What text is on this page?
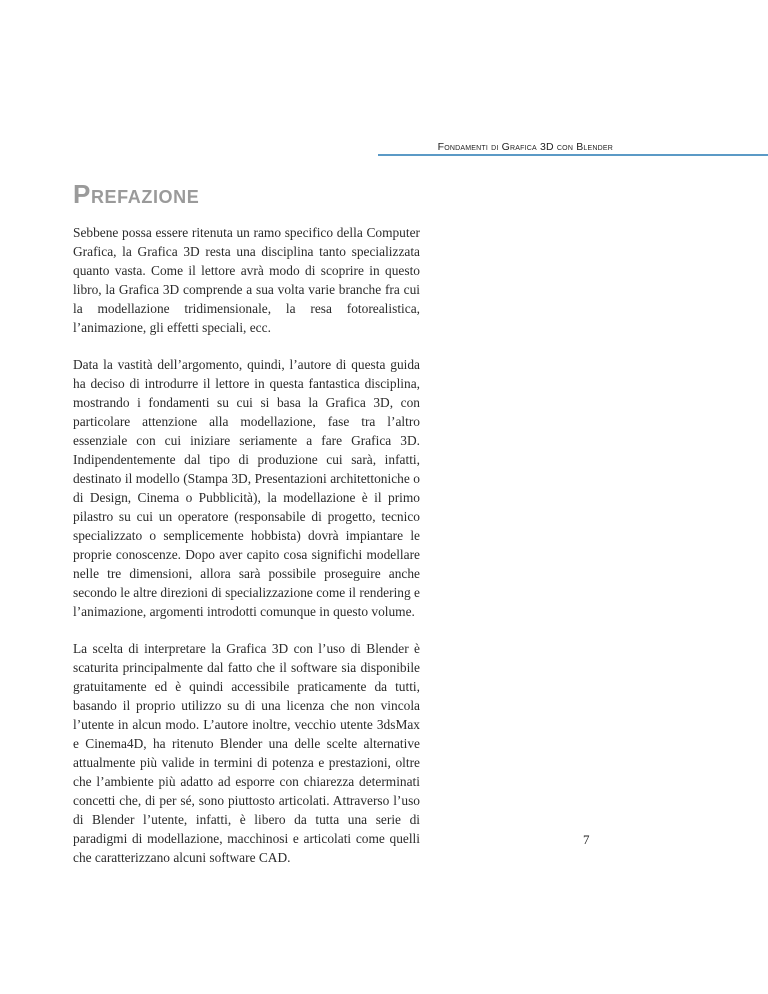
Fondamenti di Grafica 3D con Blender
Prefazione

Sebbene possa essere ritenuta un ramo specifico della Computer Grafica, la Grafica 3D resta una disciplina tanto specializzata quanto vasta. Come il lettore avrà modo di scoprire in questo libro, la Grafica 3D comprende a sua volta varie branche fra cui la modellazione tridimensionale, la resa fotorealistica, l’animazione, gli effetti speciali, ecc.

Data la vastità dell’argomento, quindi, l’autore di questa guida ha deciso di introdurre il lettore in questa fantastica disciplina, mostrando i fondamenti su cui si basa la Grafica 3D, con particolare attenzione alla modellazione, fase tra l’altro essenziale con cui iniziare seriamente a fare Grafica 3D. Indipendentemente dal tipo di produzione cui sarà, infatti, destinato il modello (Stampa 3D, Presentazioni architettoniche o di Design, Cinema o Pubblicità), la modellazione è il primo pilastro su cui un operatore (responsabile di progetto, tecnico specializzato o semplicemente hobbista) dovrà impiantare le proprie conoscenze. Dopo aver capito cosa significhi modellare nelle tre dimensioni, allora sarà possibile proseguire anche secondo le altre direzioni di specializzazione come il rendering e l’animazione, argomenti introdotti comunque in questo volume.

La scelta di interpretare la Grafica 3D con l’uso di Blender è scaturita principalmente dal fatto che il software sia disponibile gratuitamente ed è quindi accessibile praticamente da tutti, basando il proprio utilizzo su di una licenza che non vincola l’utente in alcun modo. L’autore inoltre, vecchio utente 3dsMax e Cinema4D, ha ritenuto Blender una delle scelte alternative attualmente più valide in termini di potenza e prestazioni, oltre che l’ambiente più adatto ad esporre con chiarezza determinati concetti che, di per sé, sono piuttosto articolati. Attraverso l’uso di Blender l’utente, infatti, è libero da tutta una serie di paradigmi di modellazione, macchinosi e articolati come quelli che caratterizzano alcuni software CAD.

7
